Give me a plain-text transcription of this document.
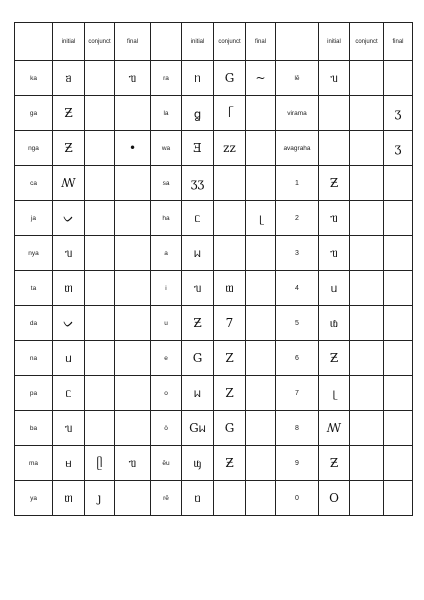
	initial	conjunct	final		initial	conjunct	final		initial	conjunct	final
ka	ᥑ		ᥓ	ra	ᥒ	G	~	lĕ	ᥔ		
ga	Ƶ			la	ꬶ	ᥬ		virama			ʒ
nga	Ƶ		•	wa	Ǝ	ᴢᴢ		avagraha			ʒ
ca	ꟿ			sa	ʒʒ			1	Ƶ		
ja	ᨆ			ha	ᥴ		ᥨ	2	ᥓ		
nya	ᥔ			a	ᥕ			3	ᥓ		
ta	ᥖ			i	ᥔ	ᥗ		4	ᥙ		
da	ᨆ			u	Ƶ	7		5	ᥚ		
na	ᥙ			e	G	Z		6	Ƶ		
pa	ᥴ			o	ᥕ	Z		7	ᥨ		
ba	ᥔ			ö	Gᥕ	G		8	ꟿ		
ma	ᥛ	ᥫ	ᥓ	ĕu	ᥜ	Ƶ		9	Ƶ		
ya	ᥖ	ȷ		rĕ	ᥝ			0	O		
